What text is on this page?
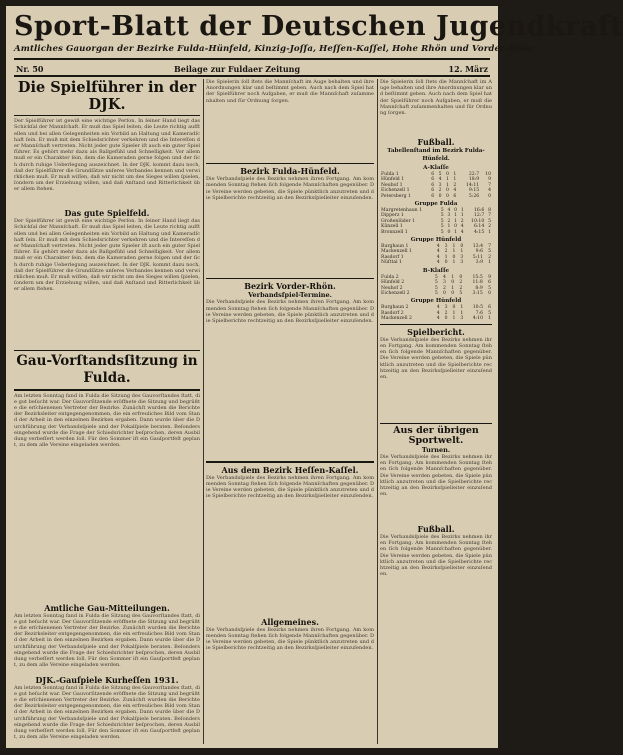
Sport-Blatt der Deutschen Jugendkraft
Amtliches Gauorgan der Bezirke Fulda-Hünfeld, Kinzig-Joſſa, Heſſen-Kaſſel, Hohe Rhön und Vorder-Rhön
Nr. 50	Beilage zur Fuldaer Zeitung	12. März
Die Spielführer in der DJK.
Der Spielführer ist gewiß eine wichtige Perſon. In ſeiner Hand liegt das Schickſal der Mannſchaft. Er muß das Spiel leiten, die Leute richtig aufſtellen und bei allen Gelegenheiten ein Vorbild an Haltung und Kameradſchaft ſein. Er muß mit dem Schiedsrichter verkehren und die Intereſſen der Mannſchaft vertreten. Nicht jeder gute Spieler iſt auch ein guter Spielführer. Es gehört mehr dazu als Ballgefühl und Schnelligkeit. Vor allem muß er ein Charakter ſein, dem die Kameraden gerne folgen und der ſich durch ruhige Ueberlegung auszeichnet. In der DJK. kommt dazu noch, daß der Spielführer die Grundſätze unſeres Verbandes kennen und verwirklichen muß. Er muß wiſſen, daß wir nicht um des Sieges willen ſpielen, ſondern um der Erziehung willen, und daß Anſtand und Ritterlichkeit über allem ſtehen.
Das gute Spielfeld.
Der Spielführer ist gewiß eine wichtige Perſon. In ſeiner Hand liegt das Schickſal der Mannſchaft. Er muß das Spiel leiten, die Leute richtig aufſtellen und bei allen Gelegenheiten ein Vorbild an Haltung und Kameradſchaft ſein. Er muß mit dem Schiedsrichter verkehren und die Intereſſen der Mannſchaft vertreten. Nicht jeder gute Spieler iſt auch ein guter Spielführer. Es gehört mehr dazu als Ballgefühl und Schnelligkeit. Vor allem muß er ein Charakter ſein, dem die Kameraden gerne folgen und der ſich durch ruhige Ueberlegung auszeichnet. In der DJK. kommt dazu noch, daß der Spielführer die Grundſätze unſeres Verbandes kennen und verwirklichen muß. Er muß wiſſen, daß wir nicht um des Sieges willen ſpielen, ſondern um der Erziehung willen, und daß Anſtand und Ritterlichkeit über allem ſtehen.
Gau-Vorſtandsſitzung in Fulda.
Am letzten Sonntag fand in Fulda die Sitzung des Gauvorſtandes ſtatt, die gut beſucht war. Der Gauvorſitzende eröffnete die Sitzung und begrüßte die erſchienenen Vertreter der Bezirke. Zunächſt wurden die Berichte der Bezirksleiter entgegengenommen, die ein erfreuliches Bild vom Stand der Arbeit in den einzelnen Bezirken ergaben. Dann wurde über die Durchführung der Verbandsſpiele und der Pokalſpiele beraten. Beſonders eingehend wurde die Frage der Schiedsrichter beſprochen, deren Ausbildung verbeſſert werden ſoll. Für den Sommer iſt ein Gauſportfeſt geplant, zu dem alle Vereine eingeladen werden.
Amtliche Gau-Mitteilungen.
Am letzten Sonntag fand in Fulda die Sitzung des Gauvorſtandes ſtatt, die gut beſucht war. Der Gauvorſitzende eröffnete die Sitzung und begrüßte die erſchienenen Vertreter der Bezirke. Zunächſt wurden die Berichte der Bezirksleiter entgegengenommen, die ein erfreuliches Bild vom Stand der Arbeit in den einzelnen Bezirken ergaben. Dann wurde über die Durchführung der Verbandsſpiele und der Pokalſpiele beraten. Beſonders eingehend wurde die Frage der Schiedsrichter beſprochen, deren Ausbildung verbeſſert werden ſoll. Für den Sommer iſt ein Gauſportfeſt geplant, zu dem alle Vereine eingeladen werden.
DJK.-Gauſpiele Kurheſſen 1931.
Am letzten Sonntag fand in Fulda die Sitzung des Gauvorſtandes ſtatt, die gut beſucht war. Der Gauvorſitzende eröffnete die Sitzung und begrüßte die erſchienenen Vertreter der Bezirke. Zunächſt wurden die Berichte der Bezirksleiter entgegengenommen, die ein erfreuliches Bild vom Stand der Arbeit in den einzelnen Bezirken ergaben. Dann wurde über die Durchführung der Verbandsſpiele und der Pokalſpiele beraten. Beſonders eingehend wurde die Frage der Schiedsrichter beſprochen, deren Ausbildung verbeſſert werden ſoll. Für den Sommer iſt ein Gauſportfeſt geplant, zu dem alle Vereine eingeladen werden.
Die Spielerin ſoll ſtets die Mannſchaft im Auge behalten und ihre Anordnungen klar und beſtimmt geben. Auch nach dem Spiel hat der Spielführer noch Aufgaben, er muß die Mannſchaft zuſammenhalten und für Ordnung ſorgen.
Bezirk Fulda-Hünfeld.
Die Verbandsſpiele des Bezirks nehmen ihren Fortgang. Am kommenden Sonntag ſtehen ſich folgende Mannſchaften gegenüber. Die Vereine werden gebeten, die Spiele pünktlich anzutreten und die Spielberichte rechtzeitig an den Bezirksſpielleiter einzuſenden.
Bezirk Vorder-Rhön.
Verbandsſpiel-Termine.
Die Verbandsſpiele des Bezirks nehmen ihren Fortgang. Am kommenden Sonntag ſtehen ſich folgende Mannſchaften gegenüber. Die Vereine werden gebeten, die Spiele pünktlich anzutreten und die Spielberichte rechtzeitig an den Bezirksſpielleiter einzuſenden.
Aus dem Bezirk Heſſen-Kaſſel.
Die Verbandsſpiele des Bezirks nehmen ihren Fortgang. Am kommenden Sonntag ſtehen ſich folgende Mannſchaften gegenüber. Die Vereine werden gebeten, die Spiele pünktlich anzutreten und die Spielberichte rechtzeitig an den Bezirksſpielleiter einzuſenden.
Allgemeines.
Die Verbandsſpiele des Bezirks nehmen ihren Fortgang. Am kommenden Sonntag ſtehen ſich folgende Mannſchaften gegenüber. Die Vereine werden gebeten, die Spiele pünktlich anzutreten und die Spielberichte rechtzeitig an den Bezirksſpielleiter einzuſenden.
Die Spielerin ſoll ſtets die Mannſchaft im Auge behalten und ihre Anordnungen klar und beſtimmt geben. Auch nach dem Spiel hat der Spielführer noch Aufgaben, er muß die Mannſchaft zuſammenhalten und für Ordnung ſorgen.
Fußball.
Tabellenſtand im Bezirk Fulda-Hünfeld.
A-Klaſſe
Fulda 1	6	5	0	1	22:7	10
Hünfeld 1	6	4	1	1	18:9	9
Neuhof 1	6	3	1	2	14:11	7
Eichenzell 1	6	2	0	4	9:15	4
Petersberg 1	6	0	0	6	5:26	0
Gruppe Fulda
Margretenhaun 1	5	4	0	1	16:6	8
Dipperz 1	5	3	1	1	12:7	7
Großenlüder 1	5	2	1	2	10:10	5
Künzell 1	5	1	0	4	6:14	2
Bronnzell 1	5	0	1	4	4:15	1
Gruppe Hünfeld
Burghaun 1	4	3	1	0	13:4	7
Mackenzell 1	4	2	1	1	9:6	5
Rasdorf 1	4	1	0	3	5:11	2
Nüſttal 1	4	0	1	3	3:9	1
B-Klaſſe
Fulda 2	5	4	1	0	15:5	9
Hünfeld 2	5	3	0	2	11:8	6
Neuhof 2	5	2	1	2	8:9	5
Eichenzell 2	5	0	0	5	3:15	0
Gruppe Hünfeld
Burghaun 2	4	3	0	1	10:5	6
Rasdorf 2	4	2	1	1	7:6	5
Mackenzell 2	4	0	1	3	4:10	1
Spielbericht.
Die Verbandsſpiele des Bezirks nehmen ihren Fortgang. Am kommenden Sonntag ſtehen ſich folgende Mannſchaften gegenüber. Die Vereine werden gebeten, die Spiele pünktlich anzutreten und die Spielberichte rechtzeitig an den Bezirksſpielleiter einzuſenden.
Aus der übrigen Sportwelt.
Turnen.
Die Verbandsſpiele des Bezirks nehmen ihren Fortgang. Am kommenden Sonntag ſtehen ſich folgende Mannſchaften gegenüber. Die Vereine werden gebeten, die Spiele pünktlich anzutreten und die Spielberichte rechtzeitig an den Bezirksſpielleiter einzuſenden.
Fußball.
Die Verbandsſpiele des Bezirks nehmen ihren Fortgang. Am kommenden Sonntag ſtehen ſich folgende Mannſchaften gegenüber. Die Vereine werden gebeten, die Spiele pünktlich anzutreten und die Spielberichte rechtzeitig an den Bezirksſpielleiter einzuſenden.
